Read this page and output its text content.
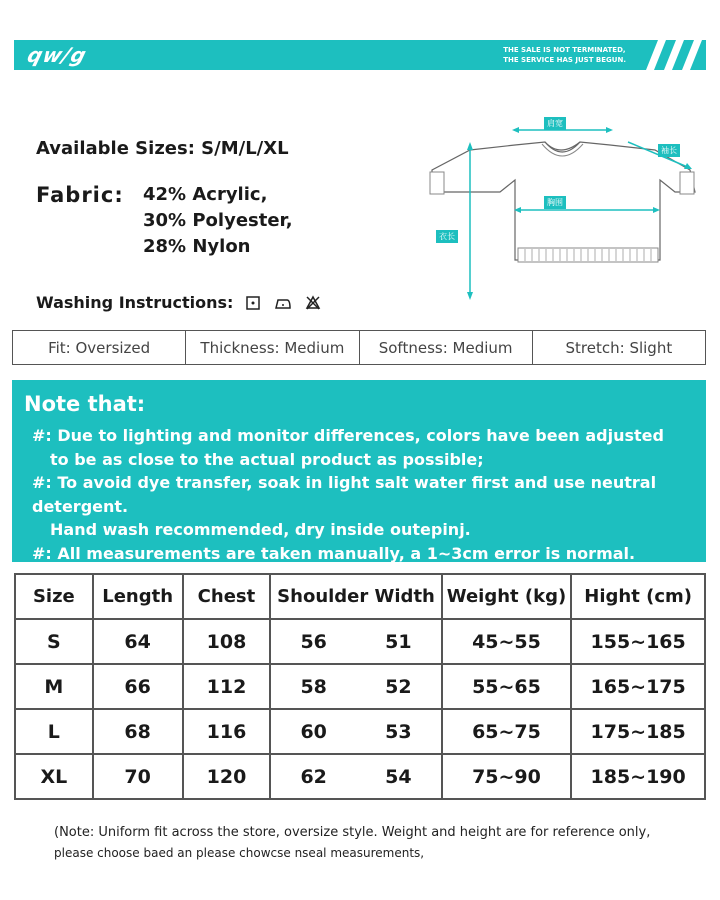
qw/g	THE SALE IS NOT TERMINATED,
THE SERVICE HAS JUST BEGUN.
Available Sizes: S/M/L/XL
Fabric: 42% Acrylic,
30% Polyester,
28% Nylon
Washing Instructions:
肩宽
袖长
胸围
衣长
Fit: Oversized	Thickness: Medium	Softness: Medium	Stretch: Slight
Note that:
#: Due to lighting and monitor differences, colors have been adjusted
to be as close to the actual product as possible;
#: To avoid dye transfer, soak in light salt water first and use neutral detergent.
Hand wash recommended, dry inside outepinj.
#: All measurements are taken manually, a 1~3cm error is normal.
Size	Length	Chest	Shoulder Width	Weight (kg)	Hight (cm)
S	64	108	56 51	45~55	155~165
M	66	112	58 52	55~65	165~175
L	68	116	60 53	65~75	175~185
XL	70	120	62 54	75~90	185~190
(Note: Uniform fit across the store, oversize style. Weight and height are for reference only,
please choose baed an please chowcse nseal measurements,
